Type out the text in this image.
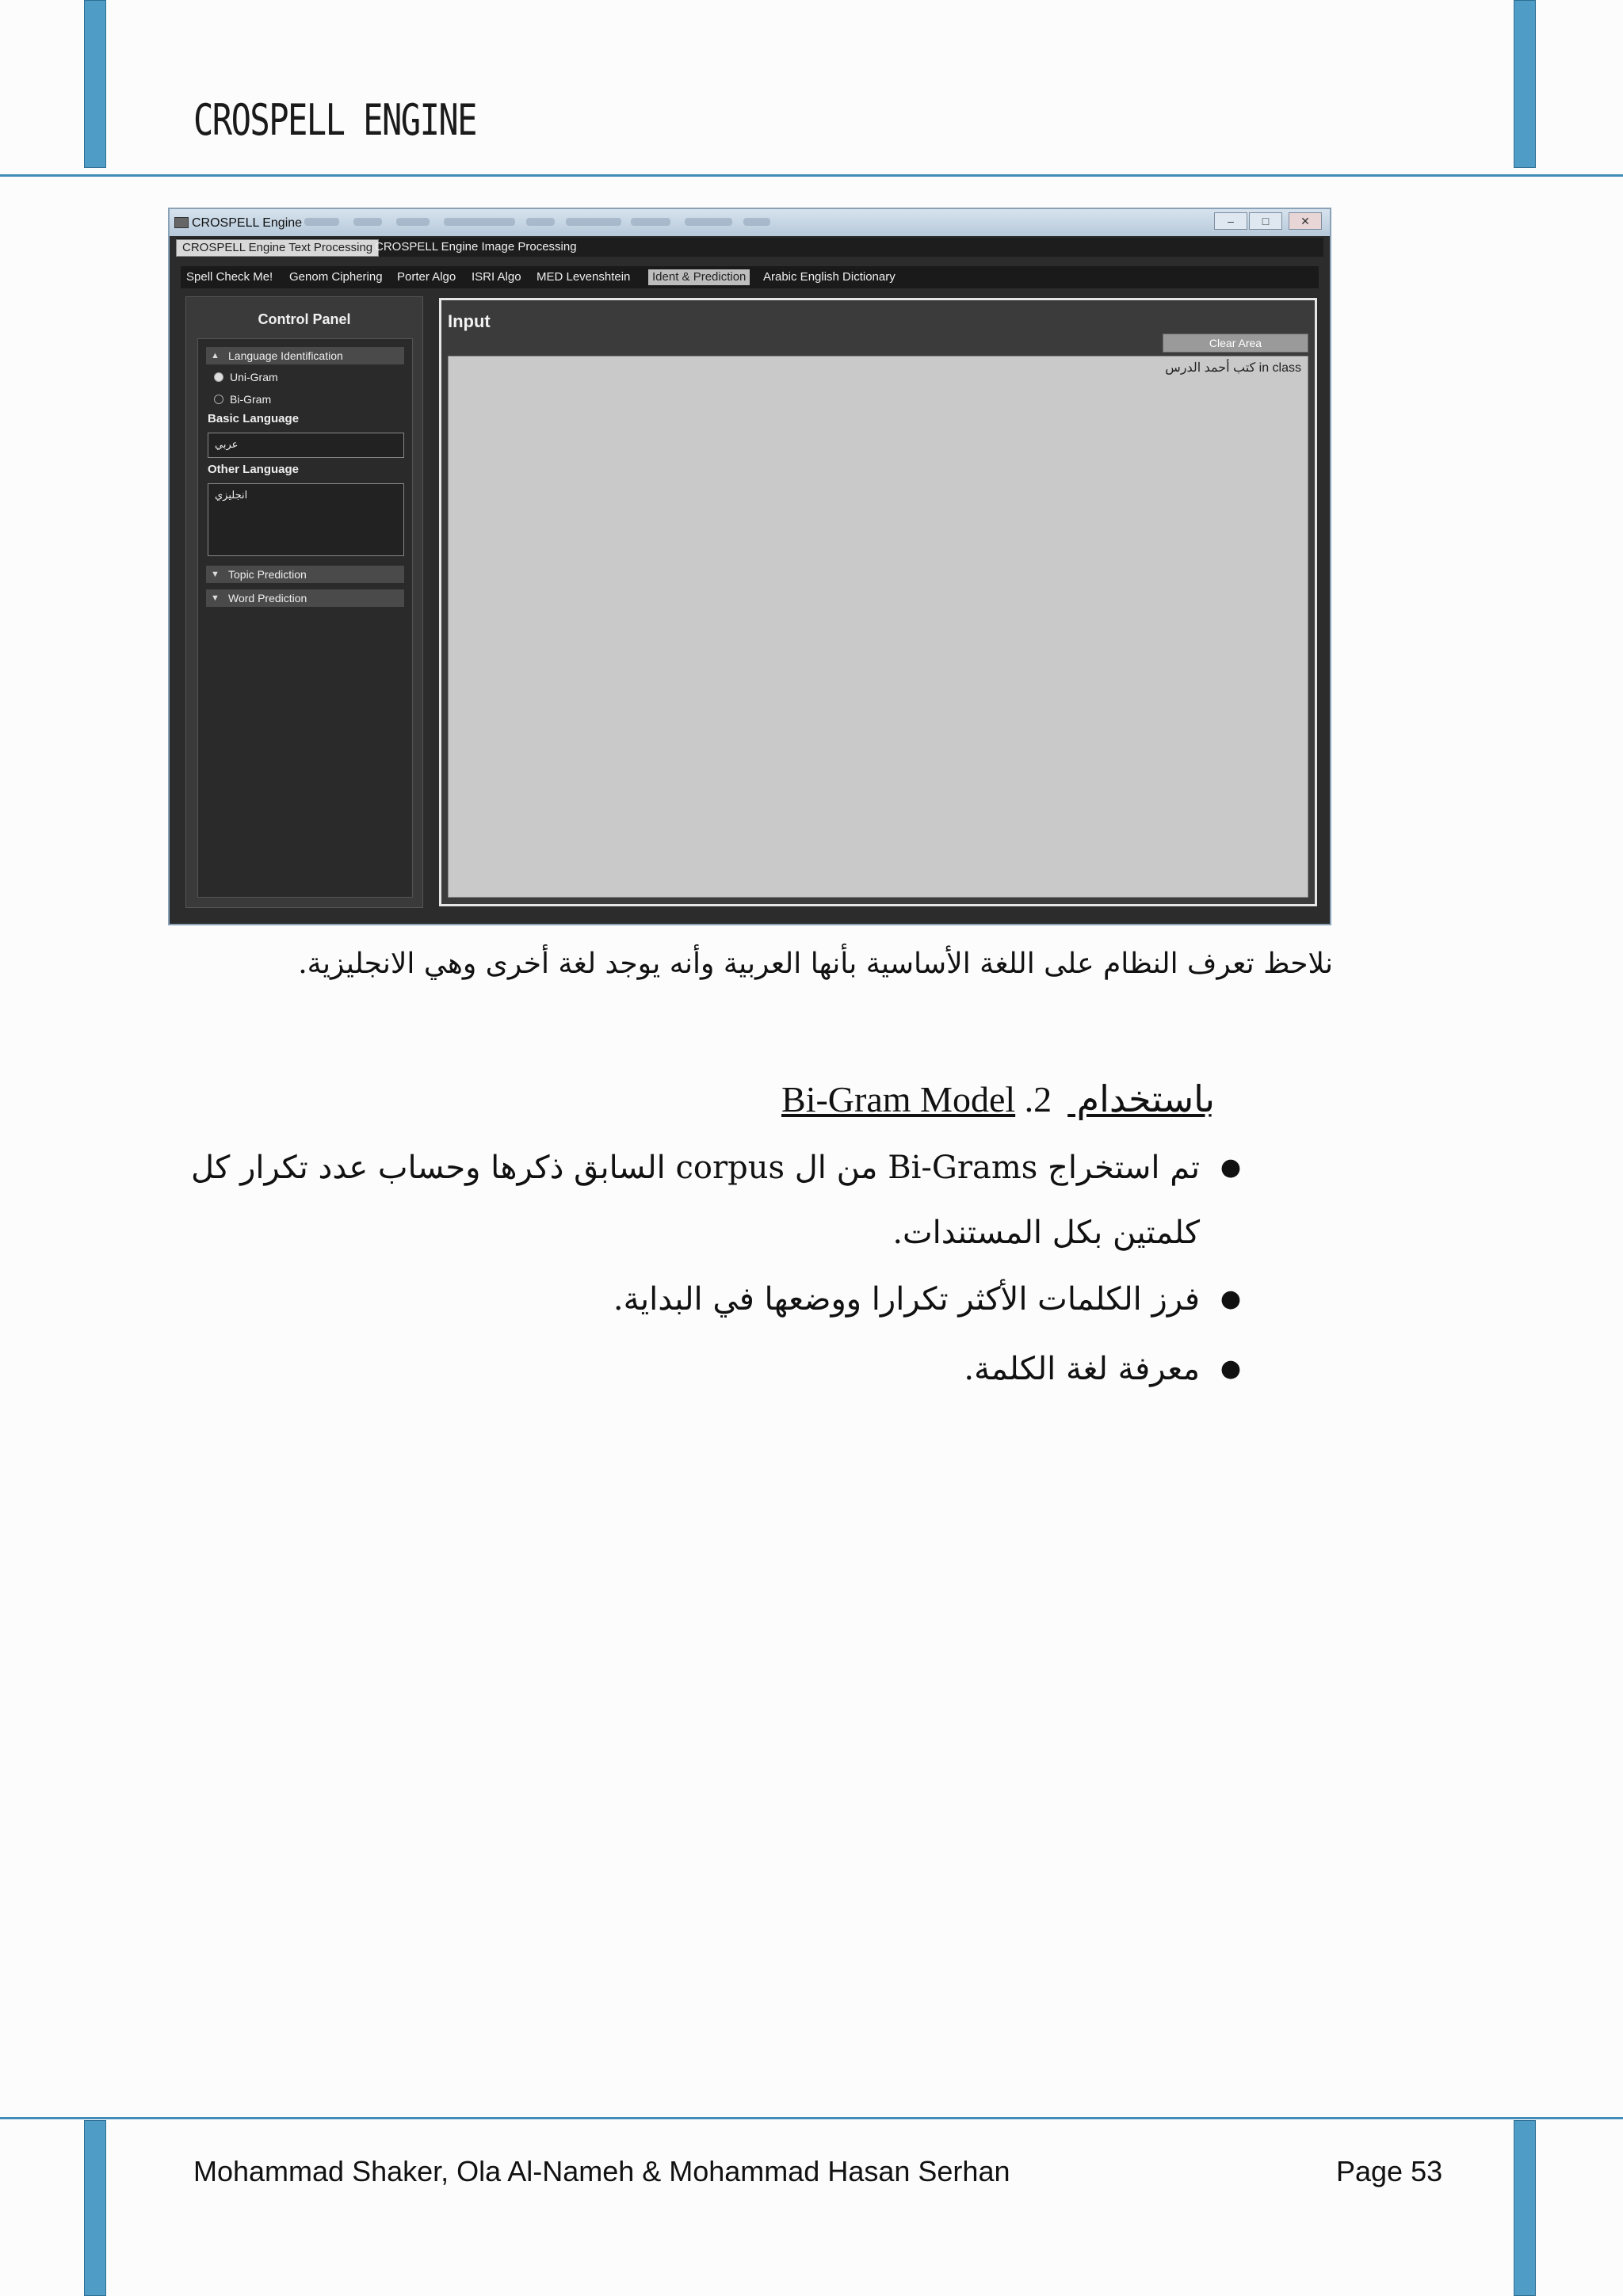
CROSPELL ENGINE
CROSPELL Engine	–	□	✕
CROSPELL Engine Text Processing CROSPELL Engine Image Processing
Spell Check Me!	Genom Ciphering	Porter Algo	ISRI Algo	MED Levenshtein	Ident & Prediction	Arabic English Dictionary
Control Panel
▲ Language Identification
Uni-Gram
Bi-Gram
Basic Language
عربي
Other Language
انجليزي
▼ Topic Prediction
▼ Word Prediction
Input
Clear Area
كتب أحمد الدرس in class
نلاحظ تعرف النظام على اللغة الأساسية بأنها العربية وأنه يوجد لغة أخرى وهي الانجليزية.
باستخدام Bi-Gram Model .2
●
تم استخراج Bi-Grams من ال corpus السابق ذكرها وحساب عدد تكرار كل
كلمتين بكل المستندات.
●
فرز الكلمات الأكثر تكرارا ووضعها في البداية.
●
معرفة لغة الكلمة.
Mohammad Shaker, Ola Al-Nameh & Mohammad Hasan Serhan	Page 53
